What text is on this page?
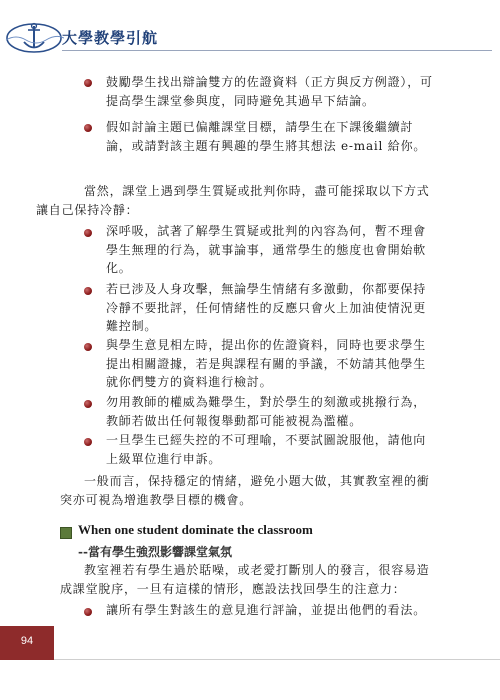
大學教學引航
鼓勵學生找出辯論雙方的佐證資料（正方與反方例證），可
提高學生課堂參與度，同時避免其過早下結論。
假如討論主題已偏離課堂目標，請學生在下課後繼續討
論，或請對該主題有興趣的學生將其想法 e-mail 給你。
當然，課堂上遇到學生質疑或批判你時，盡可能採取以下方式
讓自己保持冷靜：
深呼吸，試著了解學生質疑或批判的內容為何，暫不理會
學生無理的行為，就事論事，通常學生的態度也會開始軟
化。
若已涉及人身攻擊，無論學生情緒有多激動，你都要保持
冷靜不要批評，任何情緒性的反應只會火上加油使情況更
難控制。
與學生意見相左時，提出你的佐證資料，同時也要求學生
提出相關證據，若是與課程有關的爭議，不妨請其他學生
就你們雙方的資料進行檢討。
勿用教師的權威為難學生，對於學生的刻激或挑撥行為，
教師若做出任何報復舉動都可能被視為濫權。
一旦學生已經失控的不可理喻，不要試圖說服他，請他向
上級單位進行申訴。
一般而言，保持穩定的情緒，避免小題大做，其實教室裡的衝
突亦可視為增進教學目標的機會。
When one student dominate the classroom
--當有學生強烈影響課堂氣氛
教室裡若有學生過於聒噪，或老愛打斷別人的發言，很容易造
成課堂脫序，一旦有這樣的情形，應設法找回學生的注意力：
讓所有學生對該生的意見進行評論，並提出他們的看法。
94
